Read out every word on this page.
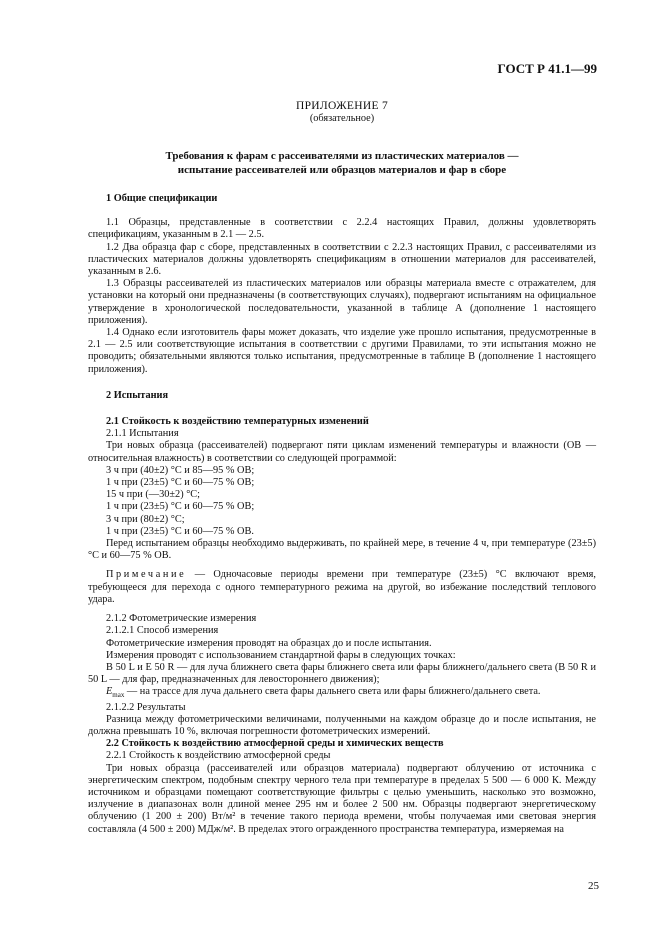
ГОСТ Р 41.1—99
ПРИЛОЖЕНИЕ 7
(обязательное)
Требования к фарам с рассеивателями из пластических материалов —
испытание рассеивателей или образцов материалов и фар в сборе
1 Общие спецификации

1.1 Образцы, представленные в соответствии с 2.2.4 настоящих Правил, должны удовлетворять спецификациям, указанным в 2.1 — 2.5.

1.2 Два образца фар с сборе, представленных в соответствии с 2.2.3 настоящих Правил, с рассеивателями из пластических материалов должны удовлетворять спецификациям в отношении материалов для рассеивателей, указанным в 2.6.

1.3 Образцы рассеивателей из пластических материалов или образцы материала вместе с отражателем, для установки на который они предназначены (в соответствующих случаях), подвергают испытаниям на официальное утверждение в хронологической последовательности, указанной в таблице А (дополнение 1 настоящего приложения).

1.4 Однако если изготовитель фары может доказать, что изделие уже прошло испытания, предусмотренные в 2.1 — 2.5 или соответствующие испытания в соответствии с другими Правилами, то эти испытания можно не проводить; обязательными являются только испытания, предусмотренные в таблице В (дополнение 1 настоящего приложения).

2 Испытания
2.1 Стойкость к воздействию температурных изменений
2.1.1 Испытания

Три новых образца (рассеивателей) подвергают пяти циклам изменений температуры и влажности (ОВ — относительная влажность) в соответствии со следующей программой:

3 ч при (40±2) °С и 85—95 % ОВ;
1 ч при (23±5) °С и 60—75 % ОВ;
15 ч при (—30±2) °С;
1 ч при (23±5) °С и 60—75 % ОВ;
3 ч при (80±2) °С;
1 ч при (23±5) °С и 60—75 % ОВ.

Перед испытанием образцы необходимо выдерживать, по крайней мере, в течение 4 ч, при температуре (23±5) °С и 60—75 % ОВ.

Примечание — Одночасовые периоды времени при температуре (23±5) °С включают время, требующееся для перехода с одного температурного режима на другой, во избежание последствий теплового удара.

2.1.2 Фотометрические измерения
2.1.2.1 Способ измерения

Фотометрические измерения проводят на образцах до и после испытания.

Измерения проводят с использованием стандартной фары в следующих точках:

В 50 L и Е 50 R — для луча ближнего света фары ближнего света или фары ближнего/дальнего света (В 50 R и 50 L — для фар, предназначенных для левостороннего движения);

$E_{max}$ — на трассе для луча дальнего света фары дальнего света или фары ближнего/дальнего света.

2.1.2.2 Результаты

Разница между фотометрическими величинами, полученными на каждом образце до и после испытания, не должна превышать 10 %, включая погрешности фотометрических измерений.

2.2 Стойкость к воздействию атмосферной среды и химических веществ
2.2.1 Стойкость к воздействию атмосферной среды

Три новых образца (рассеивателей или образцов материала) подвергают облучению от источника с энергетическим спектром, подобным спектру черного тела при температуре в пределах 5 500 — 6 000 К. Между источником и образцами помещают соответствующие фильтры с целью уменьшить, насколько это возможно, излучение в диапазонах волн длиной менее 295 нм и более 2 500 нм. Образцы подвергают энергетическому облучению (1 200 ± 200) Вт/м² в течение такого периода времени, чтобы получаемая ими световая энергия составляла (4 500 ± 200) МДж/м². В пределах этого огражденного пространства температура, измеряемая на

25
